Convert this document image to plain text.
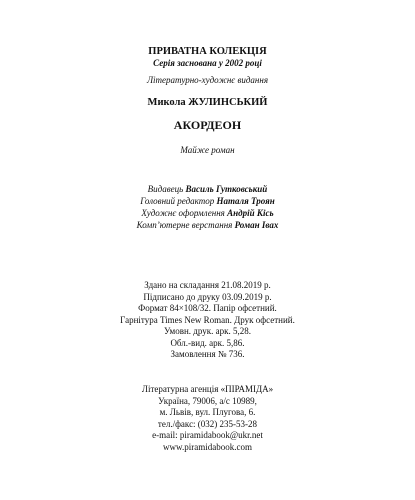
ПРИВАТНА КОЛЕКЦІЯ
Серія заснована у 2002 році
Літературно-художнє видання
Микола ЖУЛИНСЬКИЙ
АКОРДЕОН
Майже роман
Видавець Василь Гутковський
Головний редактор Наталя Троян
Художнє оформлення Андрій Кісь
Комп’ютерне верстання Роман Івах
Здано на складання 21.08.2019 р.
Підписано до друку 03.09.2019 р.
Формат 84×108/32. Папір офсетний.
Гарнітура Times New Roman. Друк офсетний.
Умовн. друк. арк. 5,28.
Обл.-вид. арк. 5,86.
Замовлення № 736.
Літературна агенція «ПІРАМІДА»
Україна, 79006, а/с 10989,
м. Львів, вул. Плугова, 6.
тел./факс: (032) 235-53-28
e-mail: piramidabook@ukr.net
www.piramidabook.com
